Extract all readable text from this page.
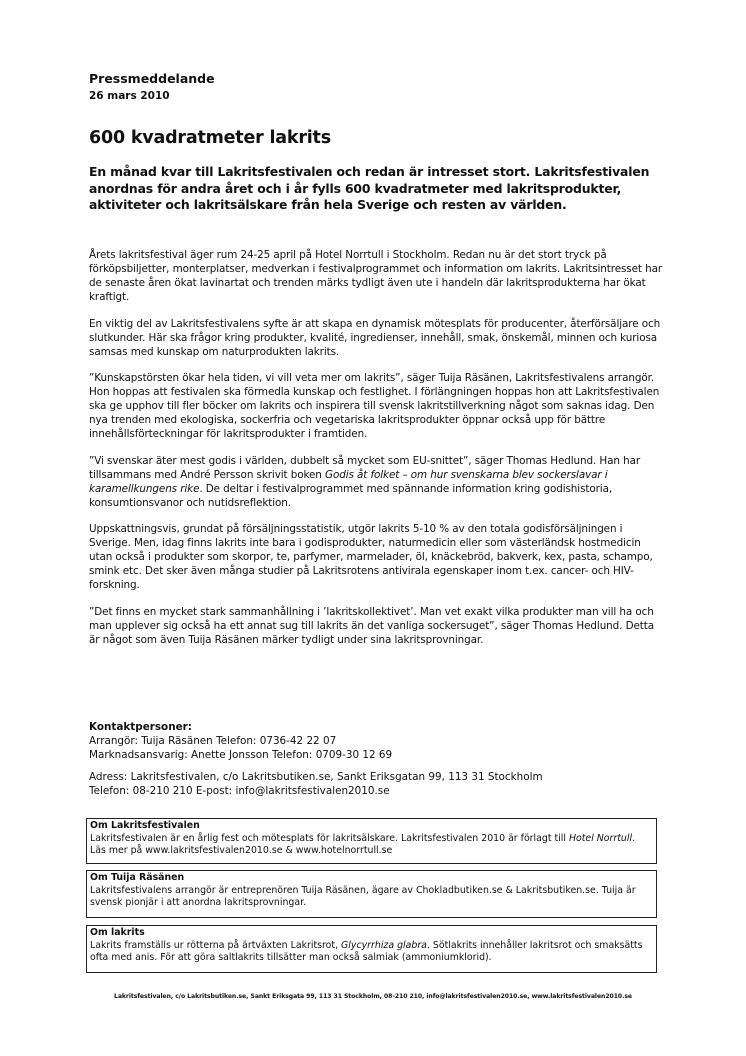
Pressmeddelande
26 mars 2010
600 kvadratmeter lakrits
En månad kvar till Lakritsfestivalen och redan är intresset stort. Lakritsfestivalen anordnas för andra året och i år fylls 600 kvadratmeter med lakritsprodukter, aktiviteter och lakritsälskare från hela Sverige och resten av världen.

Årets lakritsfestival äger rum 24-25 april på Hotel Norrtull i Stockholm. Redan nu är det stort tryck på förköpsbiljetter, monterplatser, medverkan i festivalprogrammet och information om lakrits. Lakritsintresset har de senaste åren ökat lavinartat och trenden märks tydligt även ute i handeln där lakritsprodukterna har ökat kraftigt.

En viktig del av Lakritsfestivalens syfte är att skapa en dynamisk mötesplats för producenter, återförsäljare och slutkunder. Här ska frågor kring produkter, kvalité, ingredienser, innehåll, smak, önskemål, minnen och kuriosa samsas med kunskap om naturprodukten lakrits.

”Kunskapstörsten ökar hela tiden, vi vill veta mer om lakrits”, säger Tuija Räsänen, Lakritsfestivalens arrangör. Hon hoppas att festivalen ska förmedla kunskap och festlighet. I förlängningen hoppas hon att Lakritsfestivalen ska ge upphov till fler böcker om lakrits och inspirera till svensk lakritstillverkning något som saknas idag. Den nya trenden med ekologiska, sockerfria och vegetariska lakritsprodukter öppnar också upp för bättre innehållsförteckningar för lakritsprodukter i framtiden.

”Vi svenskar äter mest godis i världen, dubbelt så mycket som EU-snittet”, säger Thomas Hedlund. Han har tillsammans med André Persson skrivit boken Godis åt folket – om hur svenskarna blev sockerslavar i karamellkungens rike. De deltar i festivalprogrammet med spännande information kring godishistoria, konsumtionsvanor och nutidsreflektion.

Uppskattningsvis, grundat på försäljningsstatistik, utgör lakrits 5-10 % av den totala godisförsäljningen i Sverige. Men, idag finns lakrits inte bara i godisprodukter, naturmedicin eller som västerländsk hostmedicin utan också i produkter som skorpor, te, parfymer, marmelader, öl, knäckebröd, bakverk, kex, pasta, schampo, smink etc. Det sker även många studier på Lakritsrotens antivirala egenskaper inom t.ex. cancer- och HIV-forskning.

”Det finns en mycket stark sammanhållning i ’lakritskollektivet’. Man vet exakt vilka produkter man vill ha och man upplever sig också ha ett annat sug till lakrits än det vanliga sockersuget”, säger Thomas Hedlund. Detta är något som även Tuija Räsänen märker tydligt under sina lakritsprovningar.

Kontaktpersoner:
Arrangör: Tuija Räsänen Telefon: 0736-42 22 07
Marknadsansvarig: Anette Jonsson Telefon: 0709-30 12 69
Adress: Lakritsfestivalen, c/o Lakritsbutiken.se, Sankt Eriksgatan 99, 113 31 Stockholm
Telefon: 08-210 210 E-post: info@lakritsfestivalen2010.se
Om Lakritsfestivalen
Lakritsfestivalen är en årlig fest och mötesplats för lakritsälskare. Lakritsfestivalen 2010 är förlagt till Hotel Norrtull. Läs mer på www.lakritsfestivalen2010.se & www.hotelnorrtull.se
Om Tuija Räsänen
Lakritsfestivalens arrangör är entreprenören Tuija Räsänen, ägare av Chokladbutiken.se & Lakritsbutiken.se. Tuija är svensk pionjär i att anordna lakritsprovningar.
Om lakrits
Lakrits framställs ur rötterna på ärtväxten Lakritsrot, Glycyrrhiza glabra. Sötlakrits innehåller lakritsrot och smaksätts ofta med anis. För att göra saltlakrits tillsätter man också salmiak (ammoniumklorid).
Lakritsfestivalen, c/o Lakritsbutiken.se, Sankt Eriksgata 99, 113 31 Stockholm, 08-210 210, info@lakritsfestivalen2010.se, www.lakritsfestivalen2010.se
